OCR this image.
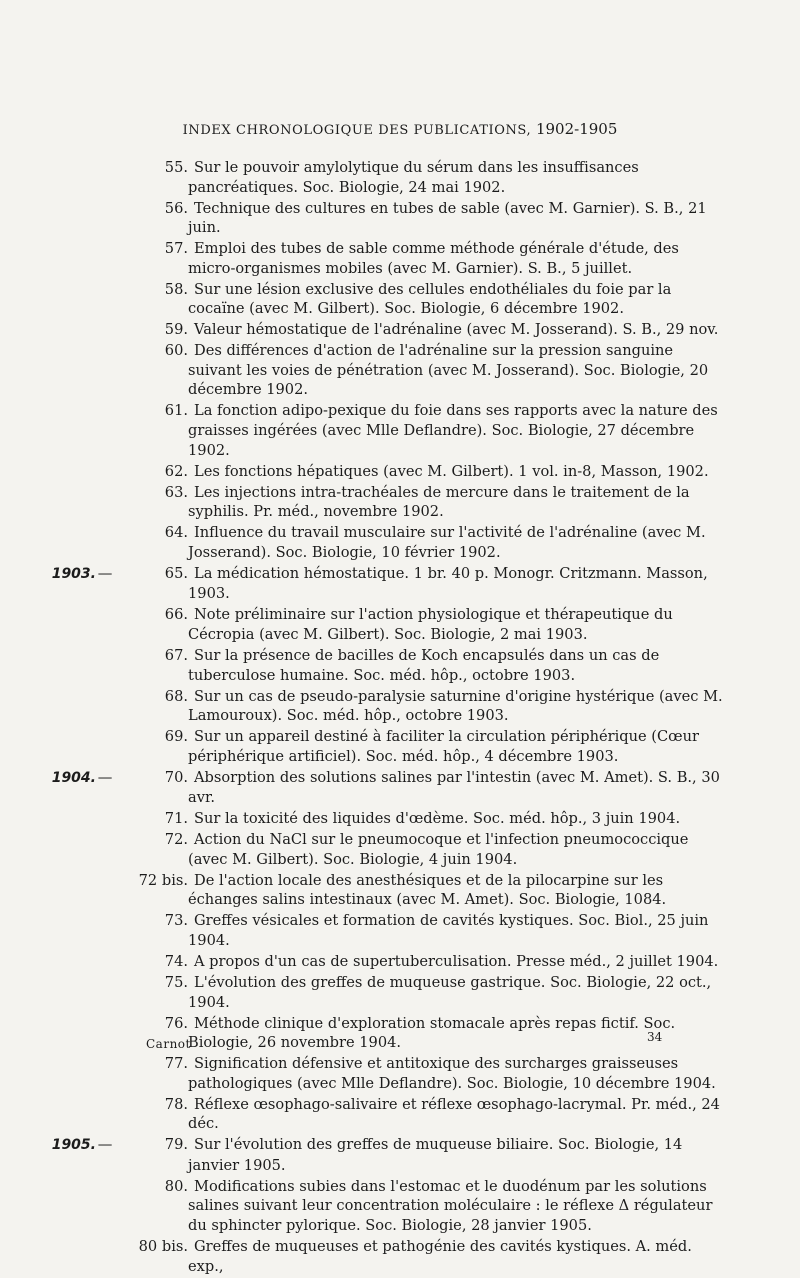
INDEX CHRONOLOGIQUE DES PUBLICATIONS, 1902-1905
55. Sur le pouvoir amylolytique du sérum dans les insuffisances pancréatiques. Soc. Biologie, 24 mai 1902.
56. Technique des cultures en tubes de sable (avec M. Garnier). S. B., 21 juin.
57. Emploi des tubes de sable comme méthode générale d'étude, des micro-organismes mobiles (avec M. Garnier). S. B., 5 juillet.
58. Sur une lésion exclusive des cellules endothéliales du foie par la cocaïne (avec M. Gilbert). Soc. Biologie, 6 décembre 1902.
59. Valeur hémostatique de l'adrénaline (avec M. Josserand). S. B., 29 nov.
60. Des différences d'action de l'adrénaline sur la pression sanguine suivant les voies de pénétration (avec M. Josserand). Soc. Biologie, 20 décembre 1902.
61. La fonction adipo-pexique du foie dans ses rapports avec la nature des graisses ingérées (avec Mlle Deflandre). Soc. Biologie, 27 décembre 1902.
62. Les fonctions hépatiques (avec M. Gilbert). 1 vol. in-8, Masson, 1902.
63. Les injections intra-trachéales de mercure dans le traitement de la syphilis. Pr. méd., novembre 1902.
64. Influence du travail musculaire sur l'activité de l'adrénaline (avec M. Josserand). Soc. Biologie, 10 février 1902.
1903. —	65. La médication hémostatique. 1 br. 40 p. Monogr. Critzmann. Masson, 1903.
66. Note préliminaire sur l'action physiologique et thérapeutique du Cécropia (avec M. Gilbert). Soc. Biologie, 2 mai 1903.
67. Sur la présence de bacilles de Koch encapsulés dans un cas de tuberculose humaine. Soc. méd. hôp., octobre 1903.
68. Sur un cas de pseudo-paralysie saturnine d'origine hystérique (avec M. Lamouroux). Soc. méd. hôp., octobre 1903.
69. Sur un appareil destiné à faciliter la circulation périphérique (Cœur périphérique artificiel). Soc. méd. hôp., 4 décembre 1903.
1904. —	70. Absorption des solutions salines par l'intestin (avec M. Amet). S. B., 30 avr.
71. Sur la toxicité des liquides d'œdème. Soc. méd. hôp., 3 juin 1904.
72. Action du NaCl sur le pneumocoque et l'infection pneumococcique (avec M. Gilbert). Soc. Biologie, 4 juin 1904.
72 bis. De l'action locale des anesthésiques et de la pilocarpine sur les échanges salins intestinaux (avec M. Amet). Soc. Biologie, 1084.
73. Greffes vésicales et formation de cavités kystiques. Soc. Biol., 25 juin 1904.
74. A propos d'un cas de supertuberculisation. Presse méd., 2 juillet 1904.
75. L'évolution des greffes de muqueuse gastrique. Soc. Biologie, 22 oct., 1904.
76. Méthode clinique d'exploration stomacale après repas fictif. Soc. Biologie, 26 novembre 1904.
77. Signification défensive et antitoxique des surcharges graisseuses pathologiques (avec Mlle Deflandre). Soc. Biologie, 10 décembre 1904.
78. Réflexe œsophago-salivaire et réflexe œsophago-lacrymal. Pr. méd., 24 déc.
1905. —	79. Sur l'évolution des greffes de muqueuse biliaire. Soc. Biologie, 14 janvier 1905.
80. Modifications subies dans l'estomac et le duodénum par les solutions salines suivant leur concentration moléculaire : le réflexe Δ régulateur du sphincter pylorique. Soc. Biologie, 28 janvier 1905.
80 bis. Greffes de muqueuses et pathogénie des cavités kystiques. A. méd. exp.,
Carnot	34
